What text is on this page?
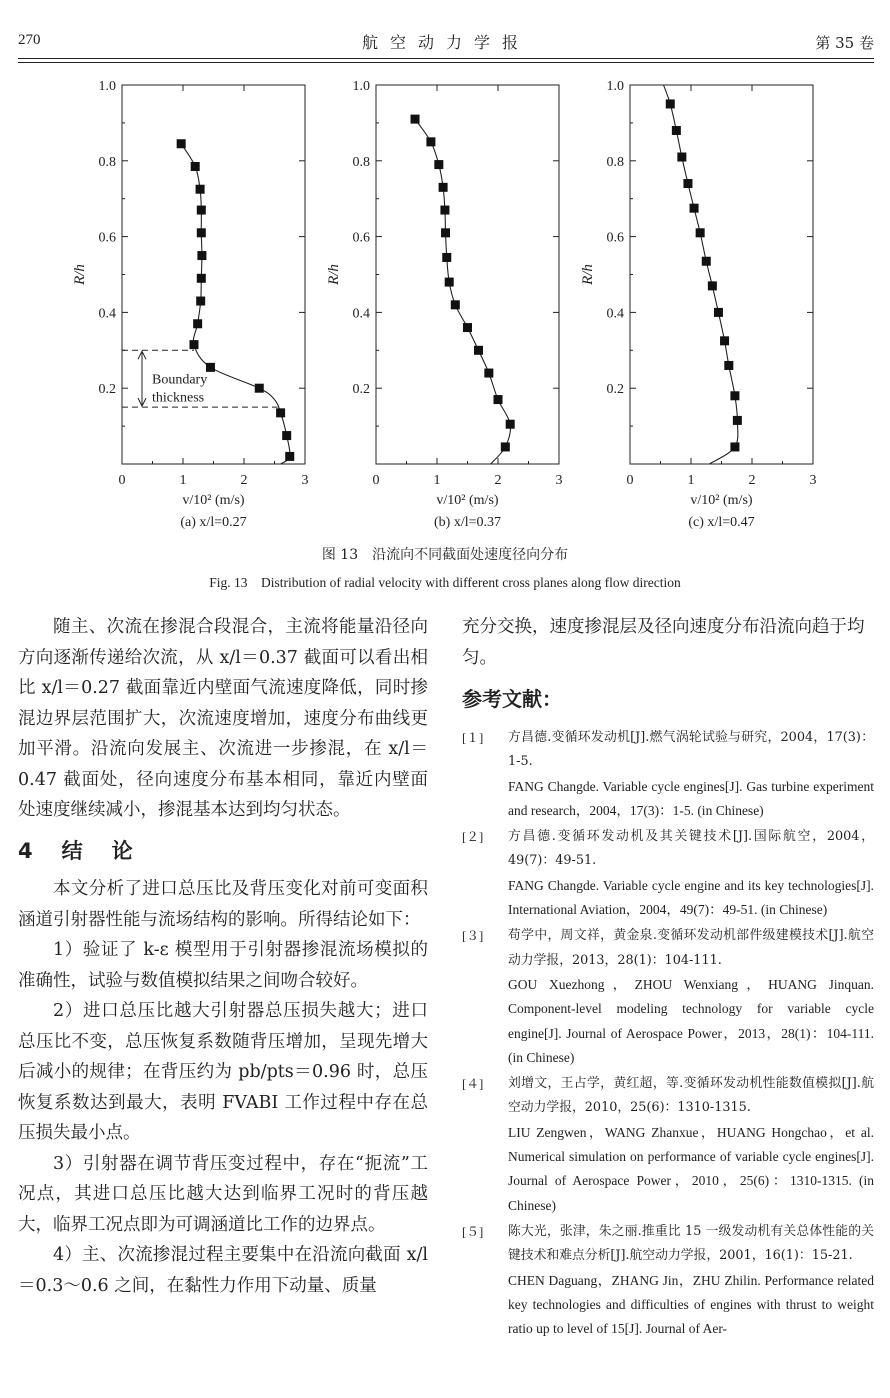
270	航空动力学报	第 35 卷
0.2
0.4
0.6
0.8
1.0
0	1	2	3
v/10² (m/s)
R/h
(a) x/l=0.27
Boundary
thickness
0.2
0.4
0.6
0.8
1.0
0	1	2	3
v/10² (m/s)
R/h
(b) x/l=0.37
0.2
0.4
0.6
0.8
1.0
0	1	2	3
v/10² (m/s)
R/h
(c) x/l=0.47
图 13　沿流向不同截面处速度径向分布
Fig. 13　Distribution of radial velocity with different cross planes along flow direction

随主、次流在掺混合段混合，主流将能量沿径向方向逐渐传递给次流，从 x/l＝0.37 截面可以看出相比 x/l＝0.27 截面靠近内壁面气流速度降低，同时掺混边界层范围扩大，次流速度增加，速度分布曲线更加平滑。沿流向发展主、次流进一步掺混，在 x/l＝0.47 截面处，径向速度分布基本相同，靠近内壁面处速度继续减小，掺混基本达到均匀状态。

4　结　论

本文分析了进口总压比及背压变化对前可变面积涵道引射器性能与流场结构的影响。所得结论如下：

1）验证了 k-ε 模型用于引射器掺混流场模拟的准确性，试验与数值模拟结果之间吻合较好。

2）进口总压比越大引射器总压损失越大；进口总压比不变，总压恢复系数随背压增加，呈现先增大后减小的规律；在背压约为 pb/pts＝0.96 时，总压恢复系数达到最大，表明 FVABI 工作过程中存在总压损失最小点。

3）引射器在调节背压变过程中，存在“扼流”工况点，其进口总压比越大达到临界工况时的背压越大，临界工况点即为可调涵道比工作的边界点。

4）主、次流掺混过程主要集中在沿流向截面 x/l＝0.3～0.6 之间，在黏性力作用下动量、质量

充分交换，速度掺混层及径向速度分布沿流向趋于均匀。

参考文献：
[１] 方昌德.变循环发动机[J].燃气涡轮试验与研究，2004，17(3)：1-5.
FANG Changde. Variable cycle engines[J]. Gas turbine experiment and research，2004，17(3)：1-5. (in Chinese)
[２] 方昌德.变循环发动机及其关键技术[J].国际航空，2004，49(7)：49-51.
FANG Changde. Variable cycle engine and its key technologies[J]. International Aviation，2004，49(7)：49-51. (in Chinese)
[３] 苟学中，周文祥，黄金泉.变循环发动机部件级建模技术[J].航空动力学报，2013，28(1)：104-111.
GOU Xuezhong，ZHOU Wenxiang，HUANG Jinquan. Component-level modeling technology for variable cycle engine[J]. Journal of Aerospace Power，2013，28(1)：104-111. (in Chinese)
[４] 刘增文，王占学，黄红超，等.变循环发动机性能数值模拟[J].航空动力学报，2010，25(6)：1310-1315.
LIU Zengwen，WANG Zhanxue，HUANG Hongchao，et al. Numerical simulation on performance of variable cycle engines[J]. Journal of Aerospace Power，2010，25(6)：1310-1315. (in Chinese)
[５] 陈大光，张津，朱之丽.推重比 15 一级发动机有关总体性能的关键技术和难点分析[J].航空动力学报，2001，16(1)：15-21.
CHEN Daguang，ZHANG Jin，ZHU Zhilin. Performance related key technologies and difficulties of engines with thrust to weight ratio up to level of 15[J]. Journal of Aer-
